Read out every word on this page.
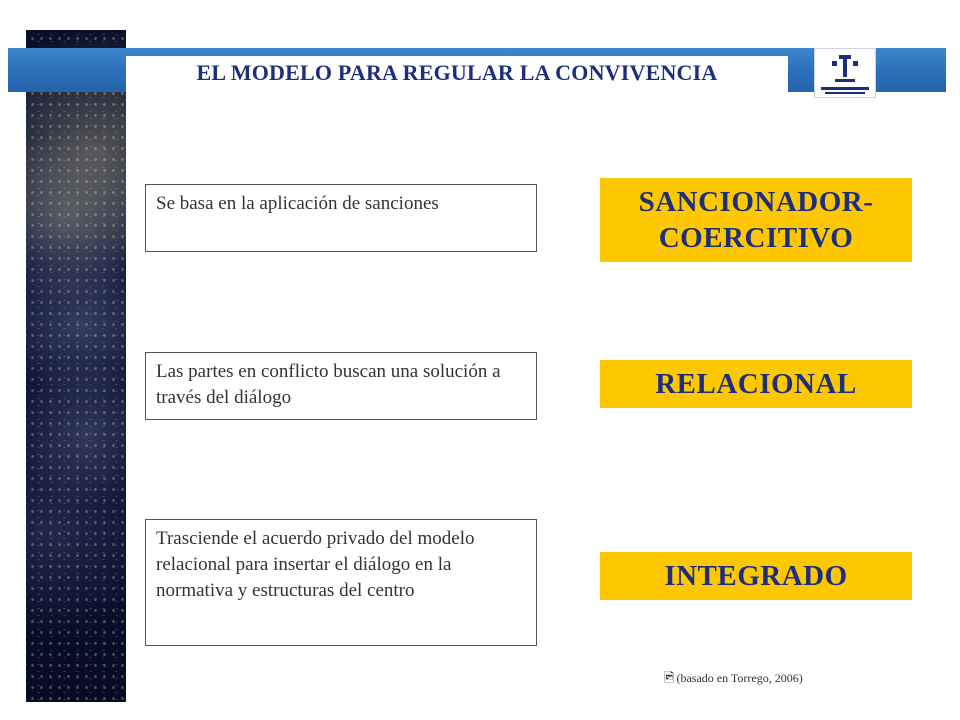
EL MODELO PARA REGULAR LA CONVIVENCIA
Se basa en la aplicación de sanciones	SANCIONADOR-
COERCITIVO
Las partes en conflicto buscan una solución a través del diálogo	RELACIONAL
Trasciende el acuerdo privado del modelo relacional para insertar el diálogo en la normativa y estructuras del centro	INTEGRADO
🖻 (basado en Torrego, 2006)
